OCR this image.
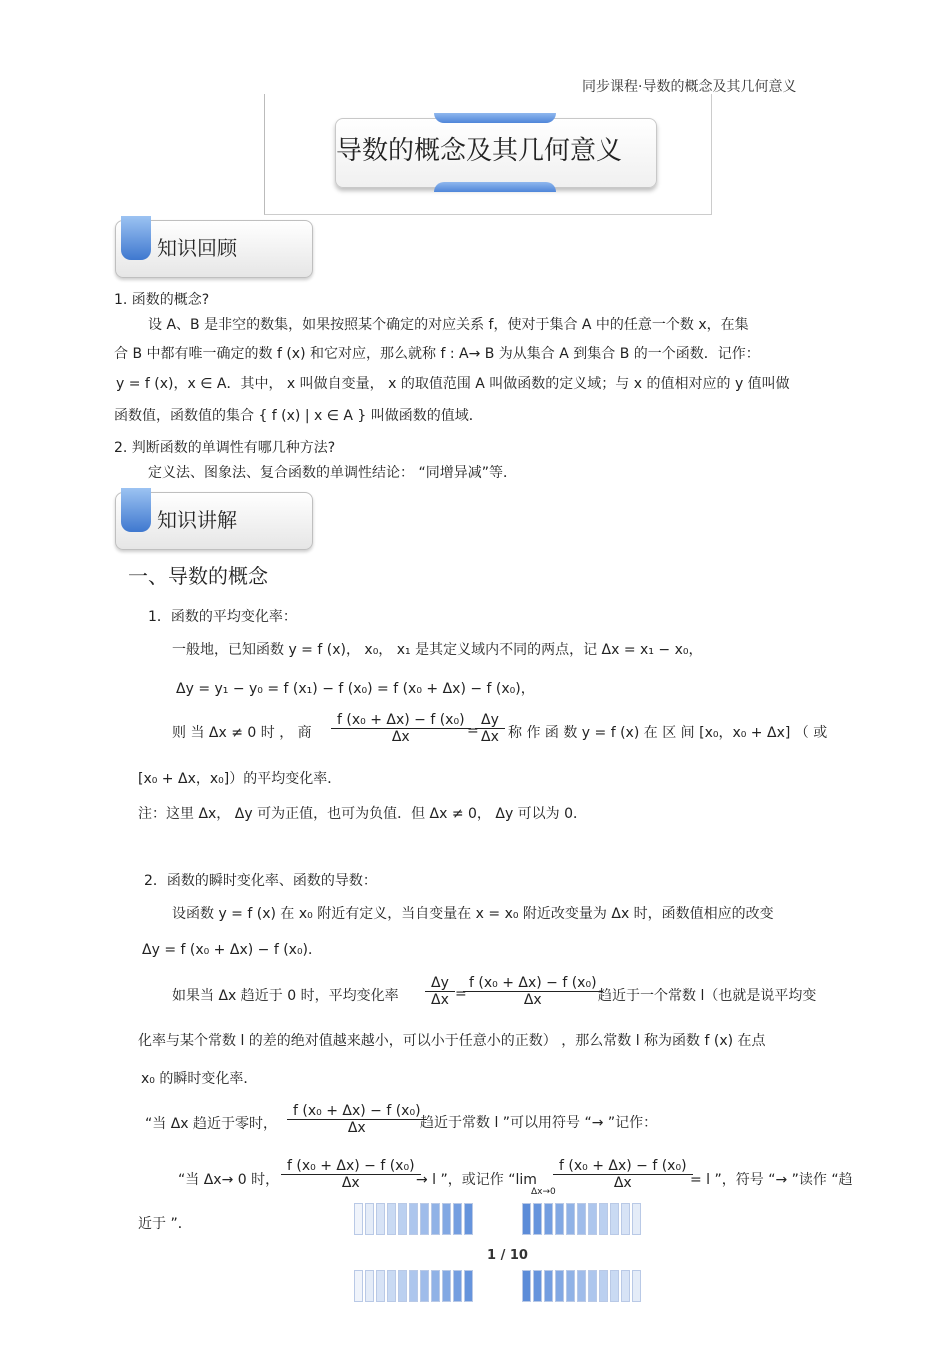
同步课程·导数的概念及其几何意义
导数的概念及其几何意义
知识回顾
1. 函数的概念?
设 A、B 是非空的数集，如果按照某个确定的对应关系 f，使对于集合 A 中的任意一个数 x，在集
合 B 中都有唯一确定的数 f (x) 和它对应，那么就称 f : A→ B 为从集合 A 到集合 B 的一个函数．记作：
y = f (x)，x ∈ A．其中， x 叫做自变量， x 的取值范围 A 叫做函数的定义域；与 x 的值相对应的 y 值叫做
函数值，函数值的集合 { f (x) | x ∈ A } 叫做函数的值域．
2. 判断函数的单调性有哪几种方法?
定义法、图象法、复合函数的单调性结论： “同增异减”等．
知识讲解
一、导数的概念
1．函数的平均变化率：
一般地，已知函数 y = f (x)， x₀， x₁ 是其定义域内不同的两点，记 Δx = x₁ − x₀，
Δy = y₁ − y₀ = f (x₁) − f (x₀) = f (x₀ + Δx) − f (x₀)，
则 当 Δx ≠ 0 时 ， 商 $\frac{\text{f (x₀ + Δx) − f (x₀)}}{\Delta x} = \frac{\Delta y}{\Delta x}$ 称 作 函 数 y = f (x) 在 区 间 [x₀，x₀ + Δx] （ 或
[x₀ + Δx，x₀]）的平均变化率．
注：这里 Δx， Δy 可为正值，也可为负值．但 Δx ≠ 0， Δy 可以为 0．
2．函数的瞬时变化率、函数的导数：
设函数 y = f (x) 在 x₀ 附近有定义，当自变量在 x = x₀ 附近改变量为 Δx 时，函数值相应的改变
Δy = f (x₀ + Δx) − f (x₀)．
如果当 Δx 趋近于 0 时，平均变化率 $\frac{\Delta y}{\Delta x} = \frac{\text{f (x₀ + Δx) − f (x₀)}}{\Delta x}$
趋近于一个常数 l（也就是说平均变
化率与某个常数 l 的差的绝对值越来越小，可以小于任意小的正数） ，那么常数 l 称为函数 f (x) 在点
x₀ 的瞬时变化率．
“当 Δx 趋近于零时， $\frac{\text{f (x₀ + Δx) − f (x₀)}}{\Delta x}$
趋近于常数 l ”可以用符号 “→ ”记作：
“当 Δx→ 0 时， $\frac{\text{f (x₀ + Δx) − f (x₀)}}{\Delta x}$
→ l ”，或记作 “lim
Δx→0
$\frac{\text{f (x₀ + Δx) − f (x₀)}}{\Delta x} = l$ ”，符号 “→ ”读作 “趋
近于 ”．
1 / 10
